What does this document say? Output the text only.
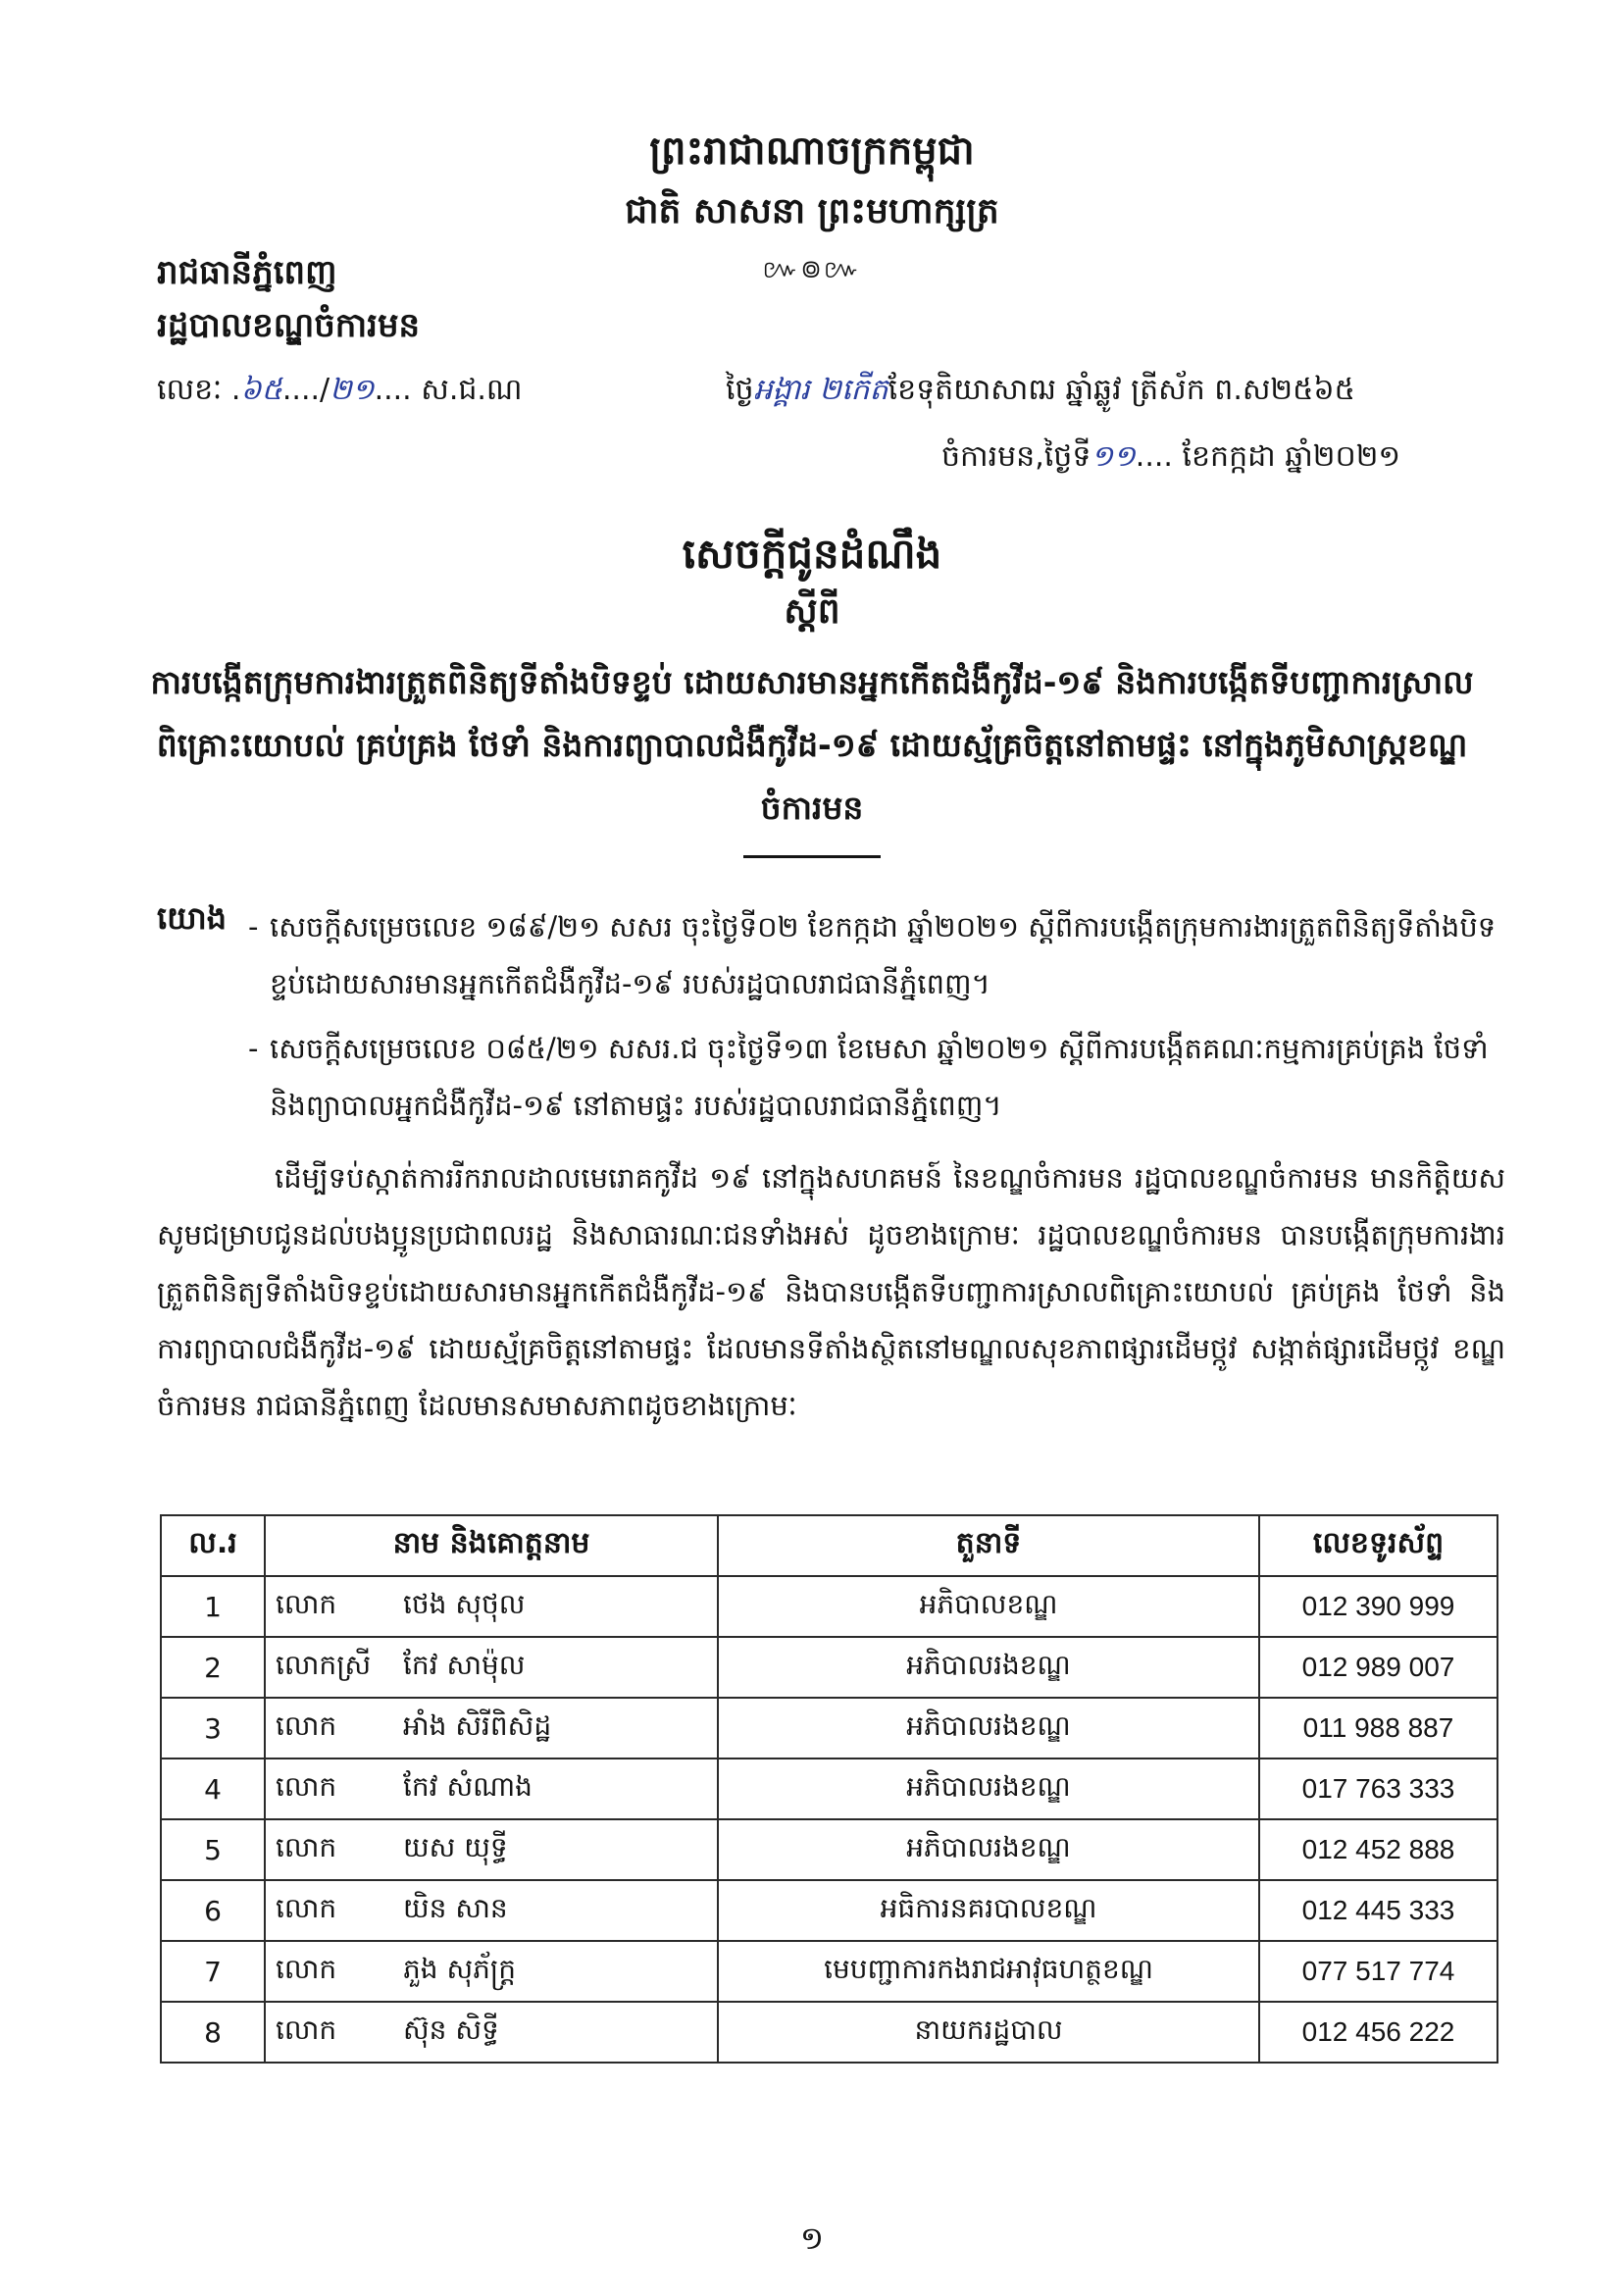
ព្រះរាជាណាចក្រកម្ពុជា
ជាតិ សាសនា ព្រះមហាក្សត្រ
៚៙៚
រាជធានីភ្នំពេញ
រដ្ឋបាលខណ្ឌចំការមន
លេខៈ .៦៥..../២១.... ស.ជ.ណ	ថ្ងៃអង្គារ ២កើតខែទុតិយាសាឍ ឆ្នាំឆ្លូវ ត្រីស័ក ព.ស២៥៦៥
ចំការមន,ថ្ងៃទី១១.... ខែកក្កដា ឆ្នាំ២០២១
សេចក្តីជូនដំណឹង
ស្តីពី
ការបង្កើតក្រុមការងារត្រួតពិនិត្យទីតាំងបិទខ្ទប់ ដោយសារមានអ្នកកើតជំងឺកូវីដ-១៩ និងការបង្កើតទីបញ្ជាការស្រាលពិគ្រោះយោបល់ គ្រប់គ្រង ថែទាំ និងការព្យាបាលជំងឺកូវីដ-១៩ ដោយស្ម័គ្រចិត្តនៅតាមផ្ទះ នៅក្នុងភូមិសាស្ត្រខណ្ឌចំការមន
យោង - សេចក្តីសម្រេចលេខ ១៨៩/២១ សសរ ចុះថ្ងៃទី០២ ខែកក្កដា ឆ្នាំ២០២១ ស្តីពីការបង្កើតក្រុមការងារត្រួតពិនិត្យទីតាំងបិទខ្ទប់ដោយសារមានអ្នកកើតជំងឺកូវីដ-១៩ របស់រដ្ឋបាលរាជធានីភ្នំពេញ។
- សេចក្តីសម្រេចលេខ ០៨៥/២១ សសរ.ជ ចុះថ្ងៃទី១៣ ខែមេសា ឆ្នាំ២០២១ ស្តីពីការបង្កើតគណៈកម្មការគ្រប់គ្រង ថែទាំ និងព្យាបាលអ្នកជំងឺកូវីដ-១៩ នៅតាមផ្ទះ របស់រដ្ឋបាលរាជធានីភ្នំពេញ។
ដើម្បីទប់ស្កាត់ការរីករាលដាលមេរោគកូវីដ ១៩ នៅក្នុងសហគមន៍ នៃខណ្ឌចំការមន រដ្ឋបាលខណ្ឌចំការមន មានកិត្តិយសសូមជម្រាបជូនដល់បងប្អូនប្រជាពលរដ្ឋ និងសាធារណៈជនទាំងអស់ ដូចខាងក្រោមៈ រដ្ឋបាលខណ្ឌចំការមន បានបង្កើតក្រុមការងារត្រួតពិនិត្យទីតាំងបិទខ្ទប់ដោយសារមានអ្នកកើតជំងឺកូវីដ-១៩ និងបានបង្កើតទីបញ្ជាការស្រាលពិគ្រោះយោបល់ គ្រប់គ្រង ថែទាំ និងការព្យាបាលជំងឺកូវីដ-១៩ ដោយស្ម័គ្រចិត្តនៅតាមផ្ទះ ដែលមានទីតាំងស្ថិតនៅមណ្ឌលសុខភាពផ្សារដើមថ្កូវ សង្កាត់ផ្សារដើមថ្កូវ ខណ្ឌចំការមន រាជធានីភ្នំពេញ ដែលមានសមាសភាពដូចខាងក្រោមៈ
ល.រ	នាម និងគោត្តនាម	តួនាទី	លេខទូរស័ព្ទ
1	លោក ថេង សុថុល	អភិបាលខណ្ឌ	012 390 999
2	លោកស្រី កែវ សាម៉ុល	អភិបាលរងខណ្ឌ	012 989 007
3	លោក អាំង សិរីពិសិដ្ឋ	អភិបាលរងខណ្ឌ	011 988 887
4	លោក កែវ សំណាង	អភិបាលរងខណ្ឌ	017 763 333
5	លោក យស យុទ្ធី	អភិបាលរងខណ្ឌ	012 452 888
6	លោក យិន សាន	អធិការនគរបាលខណ្ឌ	012 445 333
7	លោក ភួង សុភ័ក្រ្ត	មេបញ្ជាការកងរាជអាវុធហត្ថខណ្ឌ	077 517 774
8	លោក ស៊ុន សិទ្ធី	នាយករដ្ឋបាល	012 456 222
១
